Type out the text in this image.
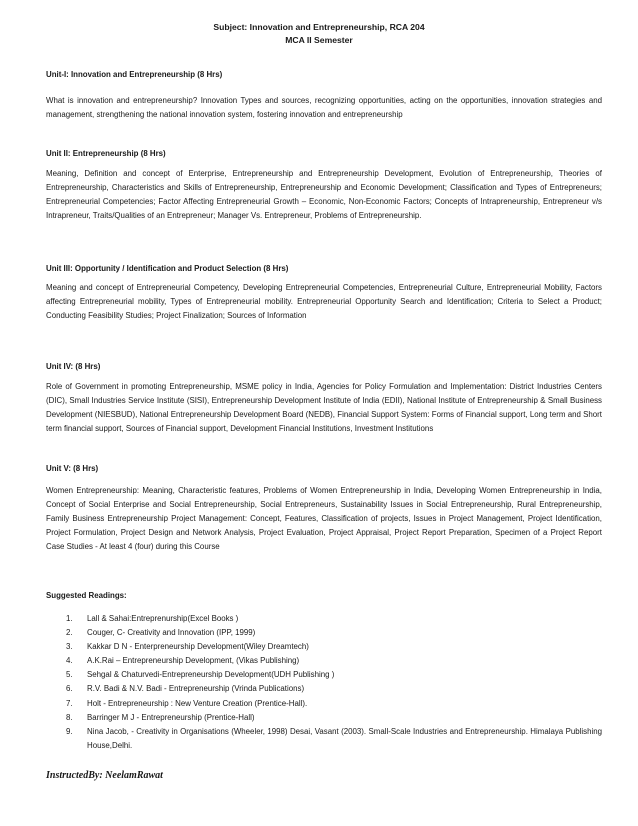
Subject: Innovation and Entrepreneurship, RCA 204
MCA II Semester
Unit-I: Innovation and Entrepreneurship (8 Hrs)
What is innovation and entrepreneurship? Innovation Types and sources, recognizing opportunities, acting on the opportunities, innovation strategies and management, strengthening the national innovation system, fostering innovation and entrepreneurship
Unit II: Entrepreneurship (8 Hrs)
Meaning, Definition and concept of Enterprise, Entrepreneurship and Entrepreneurship Development, Evolution of Entrepreneurship, Theories of Entrepreneurship, Characteristics and Skills of Entrepreneurship, Entrepreneurship and Economic Development; Classification and Types of Entrepreneurs; Entrepreneurial Competencies; Factor Affecting Entrepreneurial Growth – Economic, Non-Economic Factors; Concepts of Intrapreneurship, Entrepreneur v/s Intrapreneur, Traits/Qualities of an Entrepreneur; Manager Vs. Entrepreneur, Problems of Entrepreneurship.
Unit III: Opportunity / Identification and Product Selection (8 Hrs)
Meaning and concept of Entrepreneurial Competency, Developing Entrepreneurial Competencies, Entrepreneurial Culture, Entrepreneurial Mobility, Factors affecting Entrepreneurial mobility, Types of Entrepreneurial mobility. Entrepreneurial Opportunity Search and Identification; Criteria to Select a Product; Conducting Feasibility Studies; Project Finalization; Sources of Information
Unit IV: (8 Hrs)
Role of Government in promoting Entrepreneurship, MSME policy in India, Agencies for Policy Formulation and Implementation: District Industries Centers (DIC), Small Industries Service Institute (SISI), Entrepreneurship Development Institute of India (EDII), National Institute of Entrepreneurship & Small Business Development (NIESBUD), National Entrepreneurship Development Board (NEDB), Financial Support System: Forms of Financial support, Long term and Short term financial support, Sources of Financial support, Development Financial Institutions, Investment Institutions
Unit V: (8 Hrs)
Women Entrepreneurship: Meaning, Characteristic features, Problems of Women Entrepreneurship in India, Developing Women Entrepreneurship in India, Concept of Social Enterprise and Social Entrepreneurship, Social Entrepreneurs, Sustainability Issues in Social Entrepreneurship, Rural Entrepreneurship, Family Business Entrepreneurship Project Management: Concept, Features, Classification of projects, Issues in Project Management, Project Identification, Project Formulation, Project Design and Network Analysis, Project Evaluation, Project Appraisal, Project Report Preparation, Specimen of a Project Report Case Studies - At least 4 (four) during this Course
Suggested Readings:
1. Lall & Sahai:Entreprenurship(Excel Books )
2. Couger, C- Creativity and Innovation (IPP, 1999)
3. Kakkar D N - Enterpreneurship Development(Wiley Dreamtech)
4. A.K.Rai – Entrepreneurship Development, (Vikas Publishing)
5. Sehgal & Chaturvedi-Entrepreneurship Development(UDH Publishing )
6. R.V. Badi & N.V. Badi - Entrepreneurship (Vrinda Publications)
7. Holt - Entrepreneurship : New Venture Creation (Prentice-Hall).
8. Barringer M J - Entrepreneurship (Prentice-Hall)
9. Nina Jacob, - Creativity in Organisations (Wheeler, 1998) Desai, Vasant (2003). Small-Scale Industries and Entrepreneurship. Himalaya Publishing House,Delhi.
InstructedBy: NeelamRawat
